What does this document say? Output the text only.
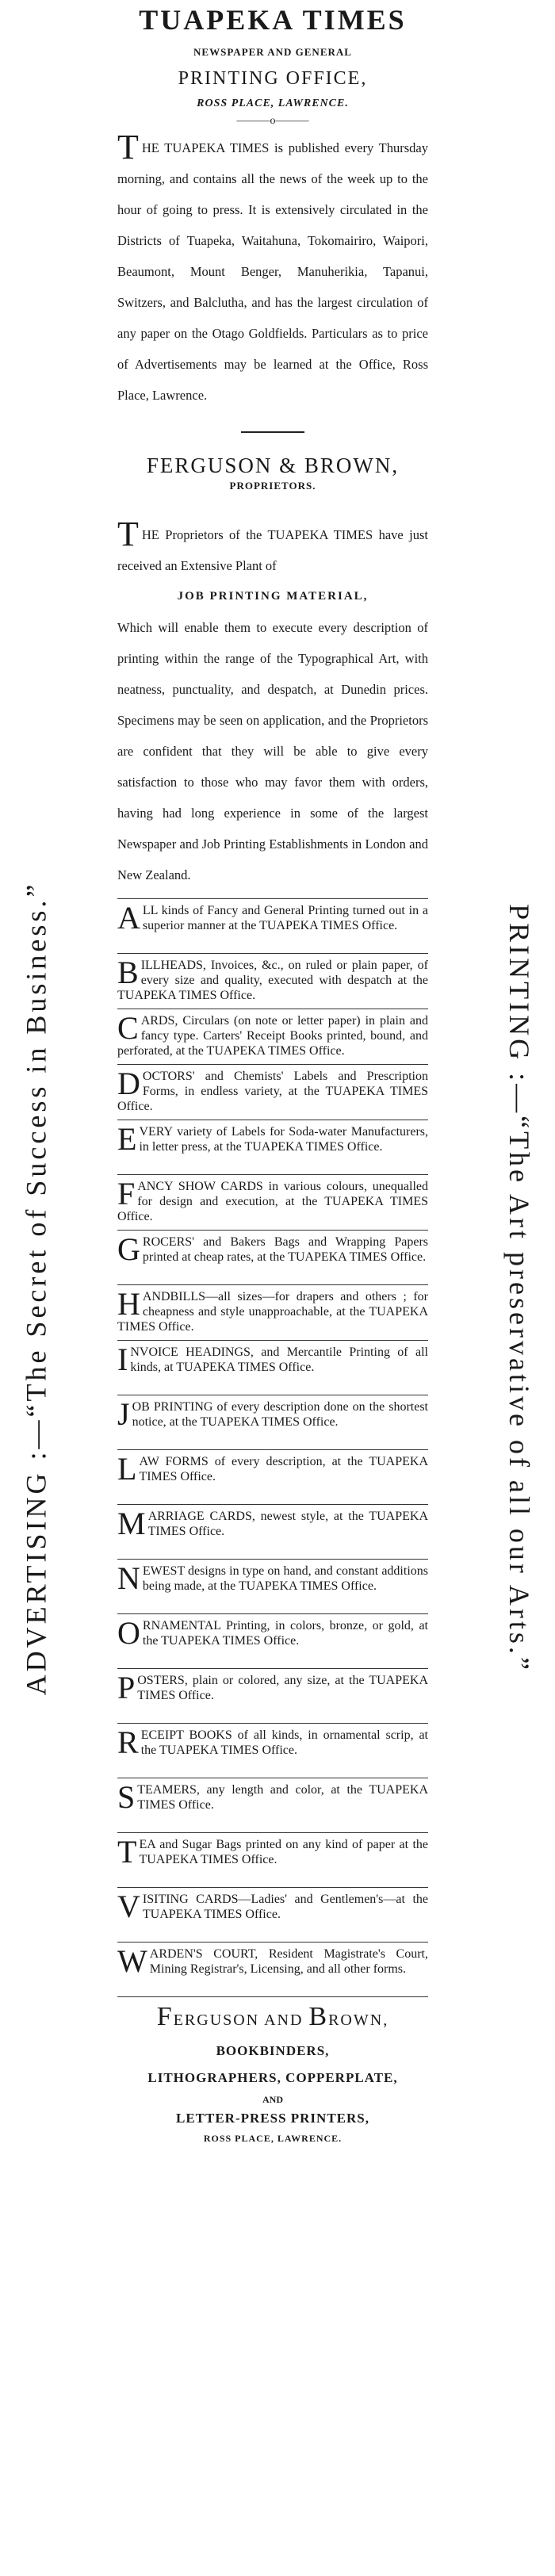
ADVERTISING :—“The Secret of Success in Business.”	PRINTING :—“The Art preservative of all our Arts.”
TUAPEKA TIMES
NEWSPAPER AND GENERAL
PRINTING OFFICE,
ROSS PLACE, LAWRENCE.
———o———

THE TUAPEKA TIMES is published every Thursday morning, and contains all the news of the week up to the hour of going to press. It is extensively circulated in the Districts of Tuapeka, Waitahuna, Tokomairiro, Waipori, Beaumont, Mount Benger, Manuherikia, Tapanui, Switzers, and Balclutha, and has the largest circulation of any paper on the Otago Goldfields. Particulars as to price of Advertisements may be learned at the Office, Ross Place, Lawrence.

FERGUSON & BROWN,
PROPRIETORS.

THE Proprietors of the TUAPEKA TIMES have just received an Extensive Plant of

JOB PRINTING MATERIAL,

Which will enable them to execute every description of printing within the range of the Typographical Art, with neatness, punctuality, and despatch, at Dunedin prices. Specimens may be seen on application, and the Proprietors are confident that they will be able to give every satisfaction to those who may favor them with orders, having had long experience in some of the largest Newspaper and Job Printing Establishments in London and New Zealand.

ALL kinds of Fancy and General Printing turned out in a superior manner at the TUAPEKA TIMES Office.
BILLHEADS, Invoices, &c., on ruled or plain paper, of every size and quality, executed with despatch at the TUAPEKA TIMES Office.
CARDS, Circulars (on note or letter paper) in plain and fancy type. Carters' Receipt Books printed, bound, and perforated, at the TUAPEKA TIMES Office.
DOCTORS' and Chemists' Labels and Prescription Forms, in endless variety, at the TUAPEKA TIMES Office.
EVERY variety of Labels for Soda-water Manufacturers, in letter press, at the TUAPEKA TIMES Office.
FANCY SHOW CARDS in various colours, unequalled for design and execution, at the TUAPEKA TIMES Office.
GROCERS' and Bakers Bags and Wrapping Papers printed at cheap rates, at the TUAPEKA TIMES Office.
HANDBILLS—all sizes—for drapers and others ; for cheapness and style unapproachable, at the TUAPEKA TIMES Office.
INVOICE HEADINGS, and Mercantile Printing of all kinds, at TUAPEKA TIMES Office.
JOB PRINTING of every description done on the shortest notice, at the TUAPEKA TIMES Office.
LAW FORMS of every description, at the TUAPEKA TIMES Office.
MARRIAGE CARDS, newest style, at the TUAPEKA TIMES Office.
NEWEST designs in type on hand, and constant additions being made, at the TUAPEKA TIMES Office.
ORNAMENTAL Printing, in colors, bronze, or gold, at the TUAPEKA TIMES Office.
POSTERS, plain or colored, any size, at the TUAPEKA TIMES Office.
RECEIPT BOOKS of all kinds, in ornamental scrip, at the TUAPEKA TIMES Office.
STEAMERS, any length and color, at the TUAPEKA TIMES Office.
TEA and Sugar Bags printed on any kind of paper at the TUAPEKA TIMES Office.
VISITING CARDS—Ladies' and Gentlemen's—at the TUAPEKA TIMES Office.
WARDEN'S COURT, Resident Magistrate's Court, Mining Registrar's, Licensing, and all other forms.
FERGUSON AND BROWN,
BOOKBINDERS,
LITHOGRAPHERS, COPPERPLATE,
AND
LETTER-PRESS PRINTERS,
ROSS PLACE, LAWRENCE.
